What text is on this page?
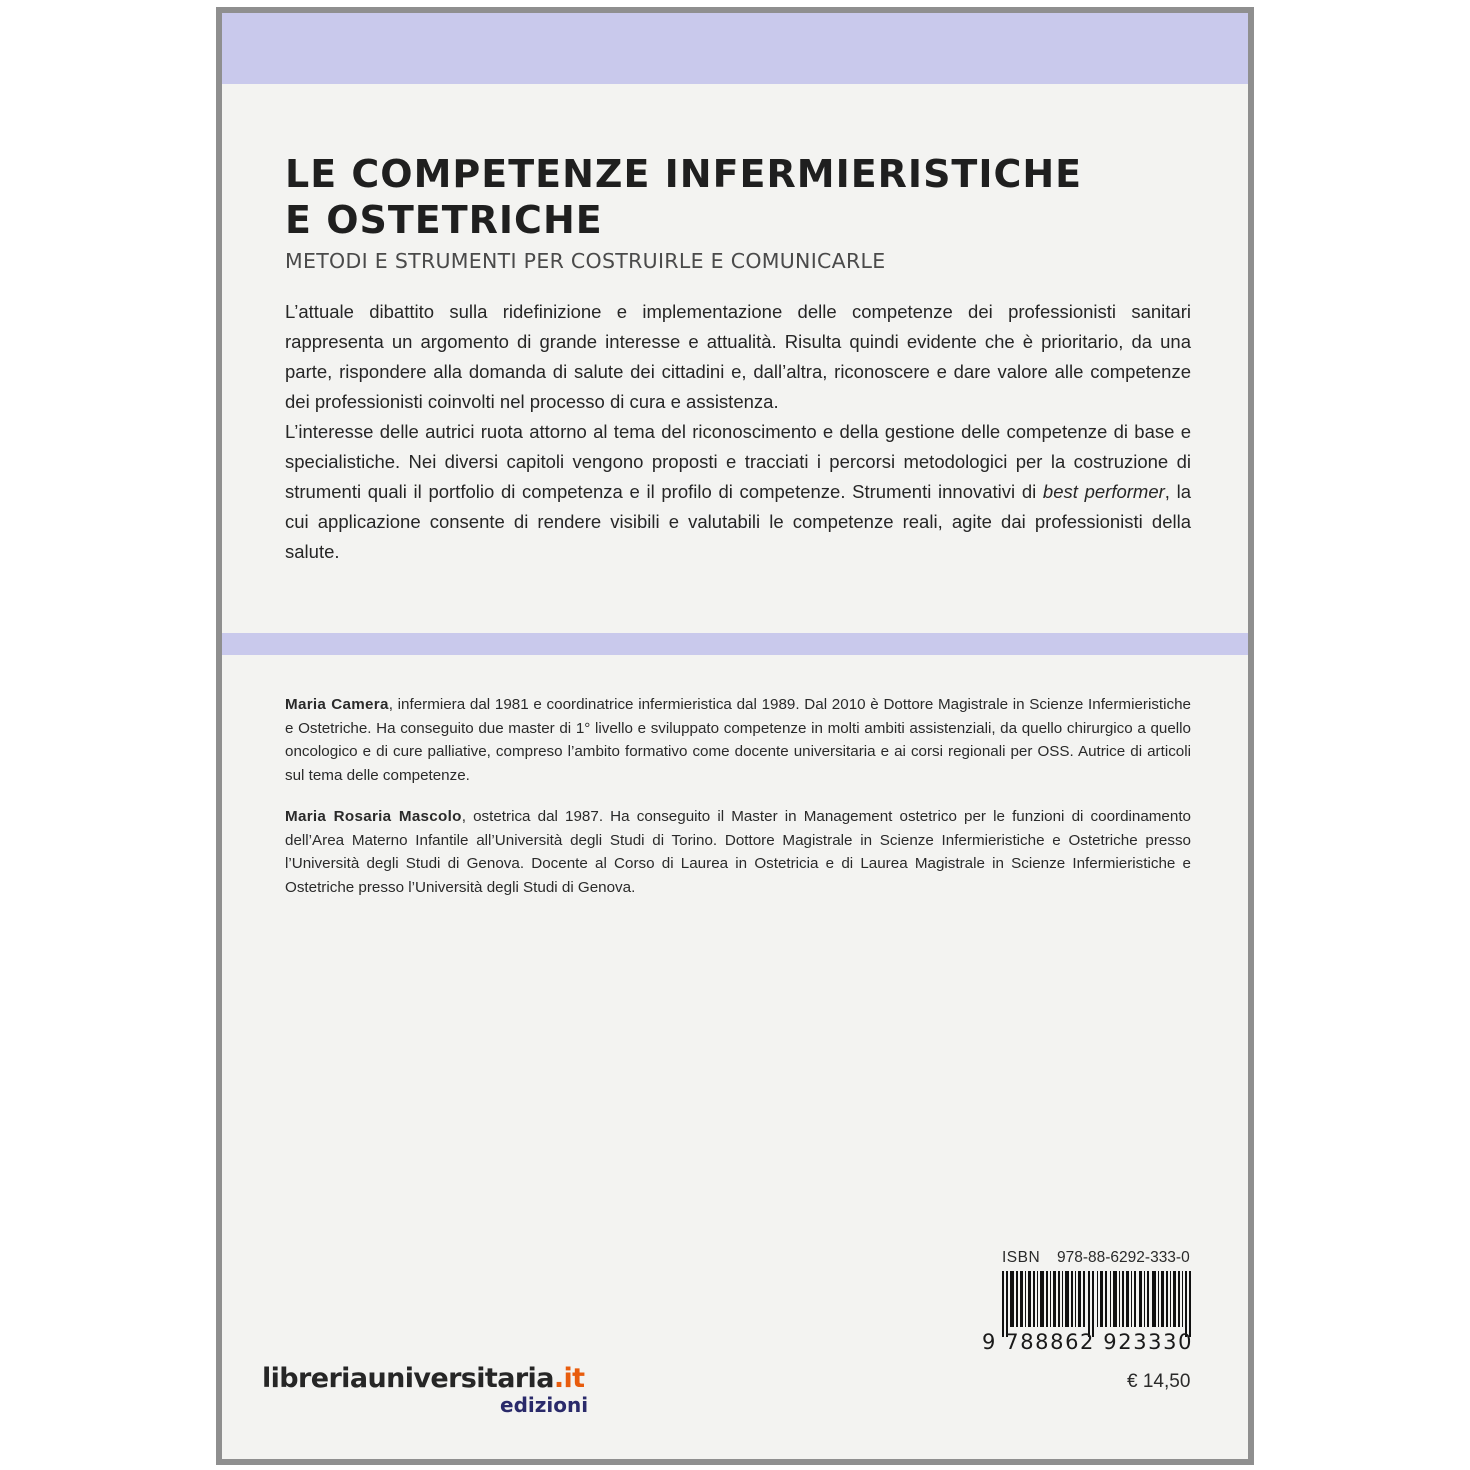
LE COMPETENZE INFERMIERISTICHE
E OSTETRICHE
METODI E STRUMENTI PER COSTRUIRLE E COMUNICARLE

L’attuale dibattito sulla ridefinizione e implementazione delle competenze dei professionisti sanitari rappresenta un argomento di grande interesse e attualità. Risulta quindi evidente che è prioritario, da una parte, rispondere alla domanda di salute dei cittadini e, dall’altra, riconoscere e dare valore alle competenze dei professionisti coinvolti nel processo di cura e assistenza.

L’interesse delle autrici ruota attorno al tema del riconoscimento e della gestione delle competenze di base e specialistiche. Nei diversi capitoli vengono proposti e tracciati i percorsi metodologici per la costruzione di strumenti quali il portfolio di competenza e il profilo di competenze. Strumenti innovativi di best performer, la cui applicazione consente di rendere visibili e valutabili le competenze reali, agite dai professionisti della salute.

Maria Camera, infermiera dal 1981 e coordinatrice infermieristica dal 1989. Dal 2010 è Dottore Magistrale in Scienze Infermieristiche e Ostetriche. Ha conseguito due master di 1° livello e sviluppato competenze in molti ambiti assistenziali, da quello chirurgico a quello oncologico e di cure palliative, compreso l’ambito formativo come docente universitaria e ai corsi regionali per OSS. Autrice di articoli sul tema delle competenze.

Maria Rosaria Mascolo, ostetrica dal 1987. Ha conseguito il Master in Management ostetrico per le funzioni di coordinamento dell’Area Materno Infantile all’Università degli Studi di Torino. Dottore Magistrale in Scienze Infermieristiche e Ostetriche presso l’Università degli Studi di Genova. Docente al Corso di Laurea in Ostetricia e di Laurea Magistrale in Scienze Infermieristiche e Ostetriche presso l’Università degli Studi di Genova.

ISBN 978-88-6292-333-0
9 788862 923330
€ 14,50
libreriauniversitaria.it
edizioni
